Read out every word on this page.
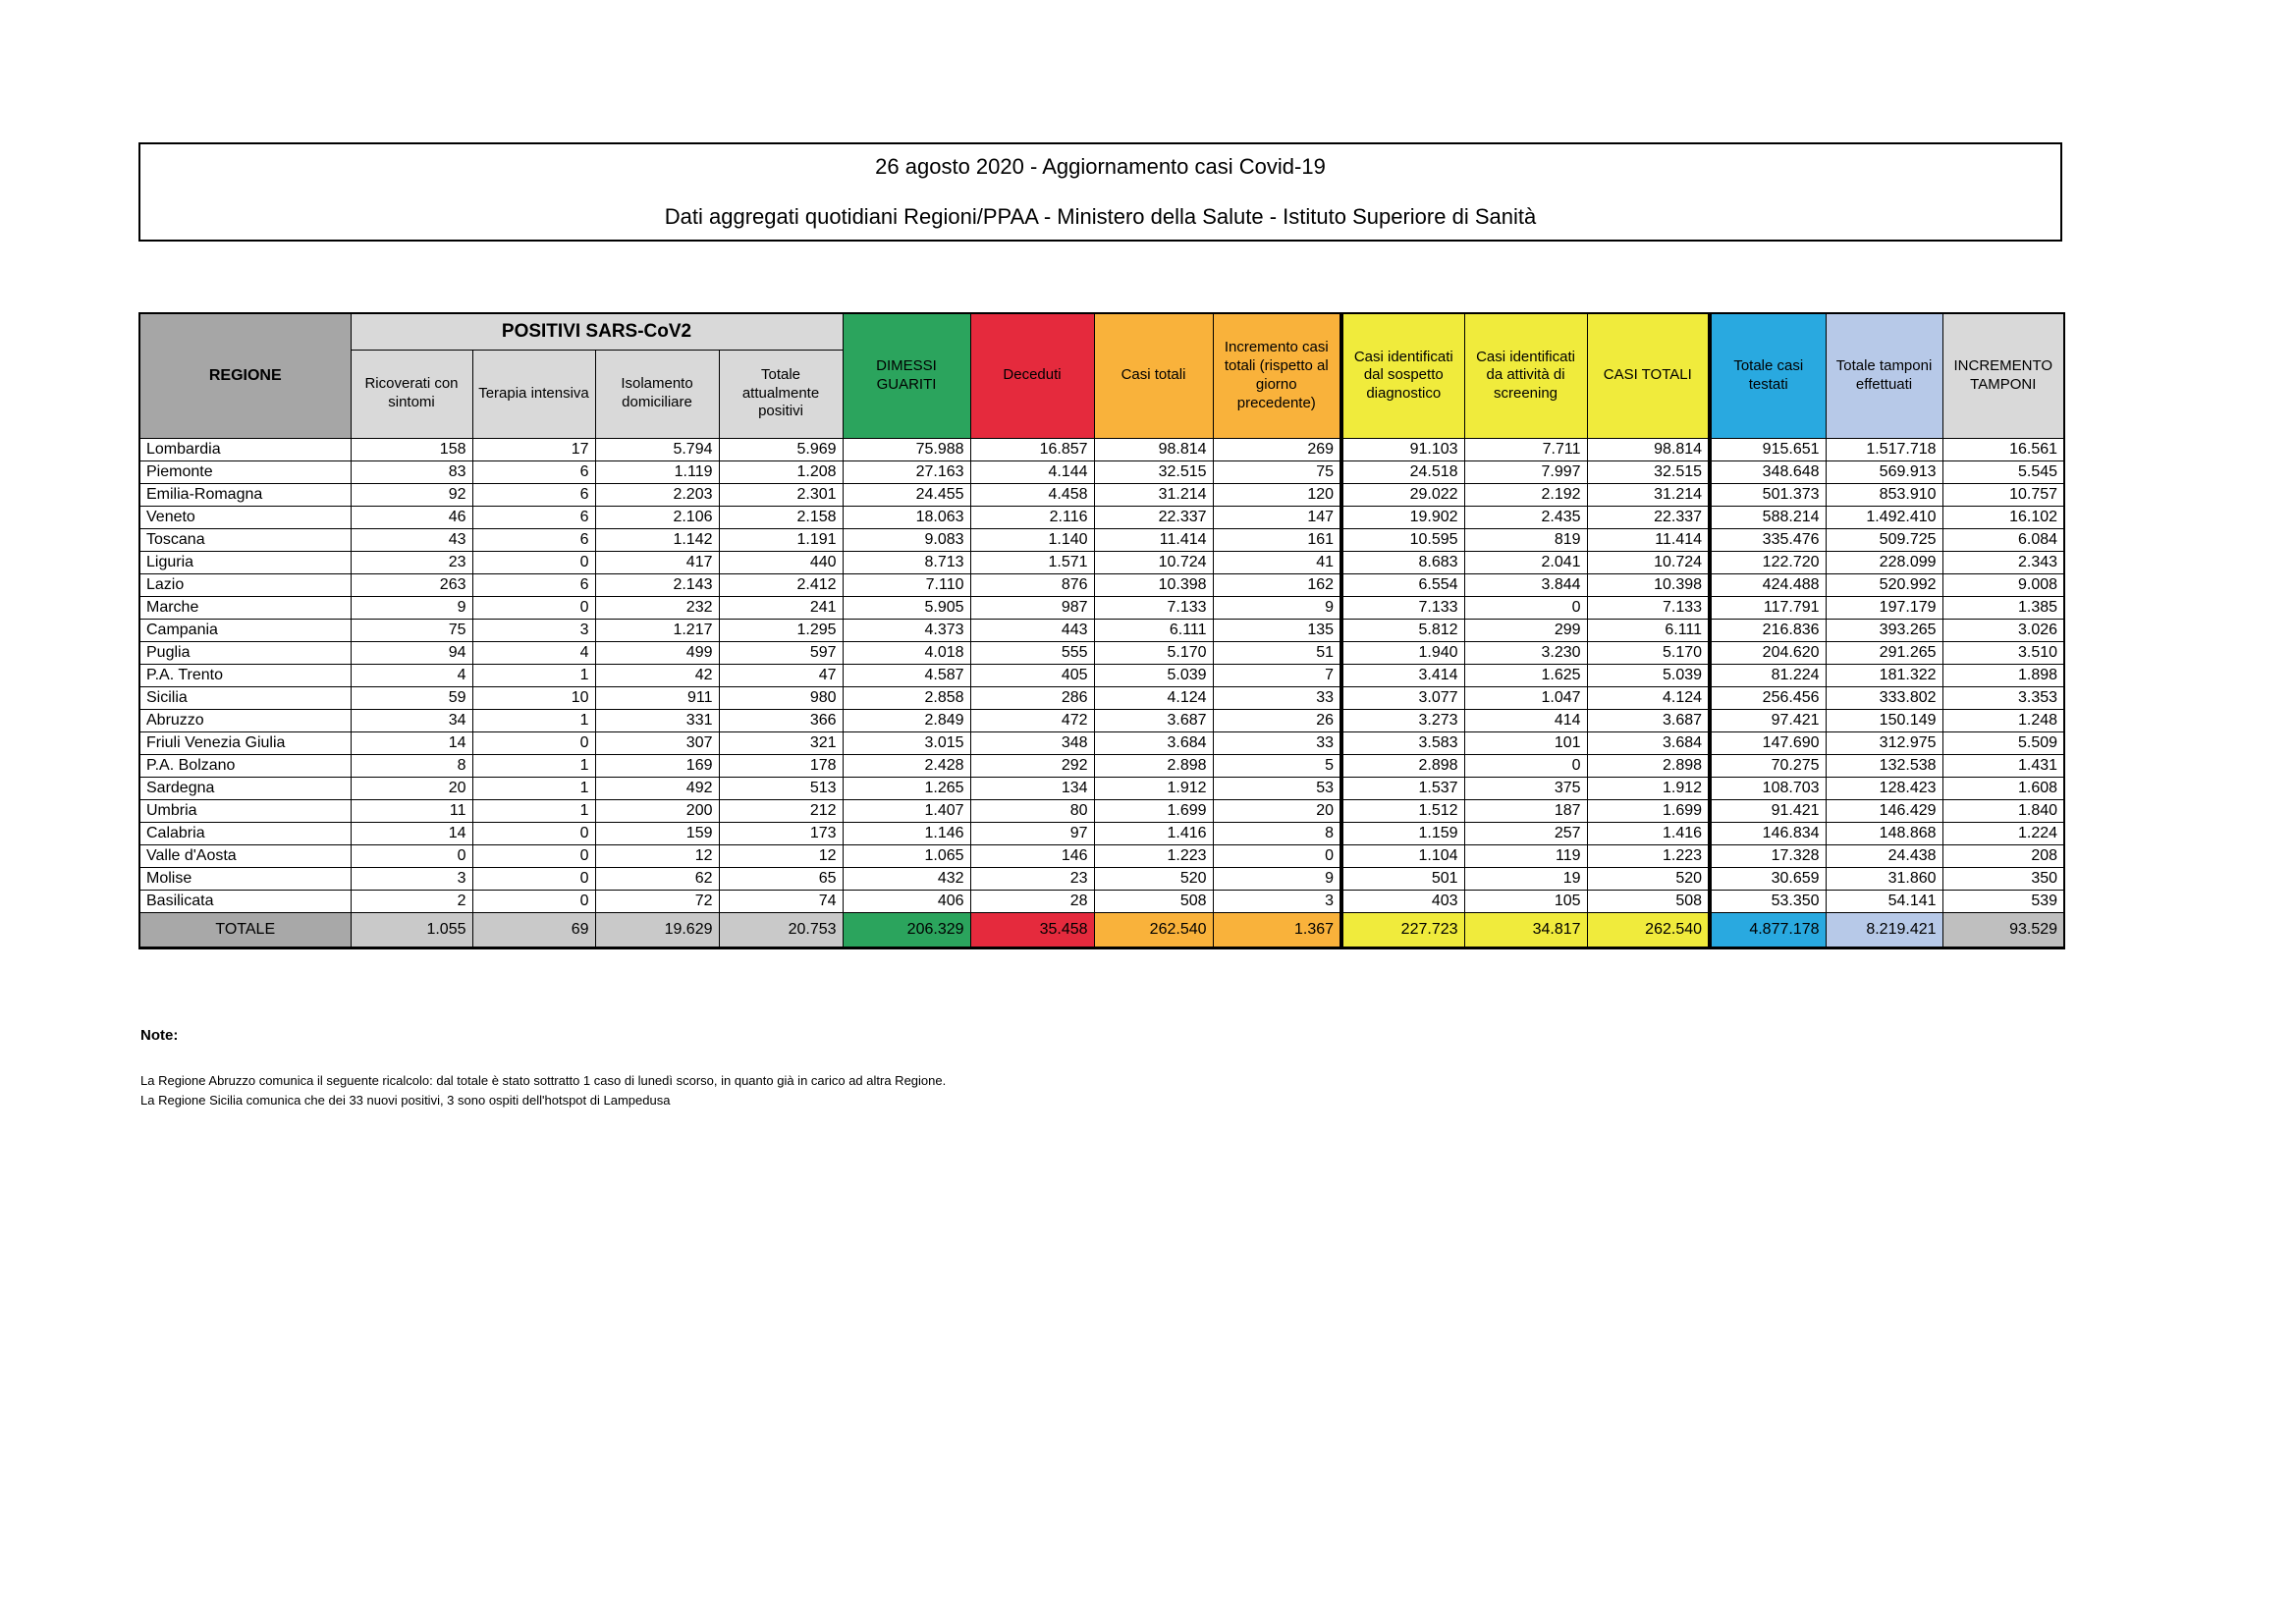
26 agosto 2020 - Aggiornamento casi Covid-19
Dati aggregati quotidiani Regioni/PPAA - Ministero della Salute - Istituto Superiore di Sanità
REGIONE	POSITIVI SARS-CoV2				DIMESSI GUARITI	Deceduti	Casi totali	Incremento casi totali (rispetto al giorno precedente)	Casi identificati dal sospetto diagnostico	Casi identificati da attività di screening	CASI TOTALI	Totale casi testati	Totale tamponi effettuati	INCREMENTO TAMPONI
	Ricoverati con sintomi	Terapia intensiva	Isolamento domiciliare	Totale attualmente positivi										
Lombardia	158	17	5.794	5.969	75.988	16.857	98.814	269	91.103	7.711	98.814	915.651	1.517.718	16.561
Piemonte	83	6	1.119	1.208	27.163	4.144	32.515	75	24.518	7.997	32.515	348.648	569.913	5.545
Emilia-Romagna	92	6	2.203	2.301	24.455	4.458	31.214	120	29.022	2.192	31.214	501.373	853.910	10.757
Veneto	46	6	2.106	2.158	18.063	2.116	22.337	147	19.902	2.435	22.337	588.214	1.492.410	16.102
Toscana	43	6	1.142	1.191	9.083	1.140	11.414	161	10.595	819	11.414	335.476	509.725	6.084
Liguria	23	0	417	440	8.713	1.571	10.724	41	8.683	2.041	10.724	122.720	228.099	2.343
Lazio	263	6	2.143	2.412	7.110	876	10.398	162	6.554	3.844	10.398	424.488	520.992	9.008
Marche	9	0	232	241	5.905	987	7.133	9	7.133	0	7.133	117.791	197.179	1.385
Campania	75	3	1.217	1.295	4.373	443	6.111	135	5.812	299	6.111	216.836	393.265	3.026
Puglia	94	4	499	597	4.018	555	5.170	51	1.940	3.230	5.170	204.620	291.265	3.510
P.A. Trento	4	1	42	47	4.587	405	5.039	7	3.414	1.625	5.039	81.224	181.322	1.898
Sicilia	59	10	911	980	2.858	286	4.124	33	3.077	1.047	4.124	256.456	333.802	3.353
Abruzzo	34	1	331	366	2.849	472	3.687	26	3.273	414	3.687	97.421	150.149	1.248
Friuli Venezia Giulia	14	0	307	321	3.015	348	3.684	33	3.583	101	3.684	147.690	312.975	5.509
P.A. Bolzano	8	1	169	178	2.428	292	2.898	5	2.898	0	2.898	70.275	132.538	1.431
Sardegna	20	1	492	513	1.265	134	1.912	53	1.537	375	1.912	108.703	128.423	1.608
Umbria	11	1	200	212	1.407	80	1.699	20	1.512	187	1.699	91.421	146.429	1.840
Calabria	14	0	159	173	1.146	97	1.416	8	1.159	257	1.416	146.834	148.868	1.224
Valle d'Aosta	0	0	12	12	1.065	146	1.223	0	1.104	119	1.223	17.328	24.438	208
Molise	3	0	62	65	432	23	520	9	501	19	520	30.659	31.860	350
Basilicata	2	0	72	74	406	28	508	3	403	105	508	53.350	54.141	539
TOTALE	1.055	69	19.629	20.753	206.329	35.458	262.540	1.367	227.723	34.817	262.540	4.877.178	8.219.421	93.529
Note:
La Regione Abruzzo comunica il seguente ricalcolo: dal totale è stato sottratto 1 caso di lunedì scorso, in quanto già in carico ad altra Regione.
La Regione Sicilia comunica che dei 33 nuovi positivi, 3 sono ospiti dell'hotspot di Lampedusa
